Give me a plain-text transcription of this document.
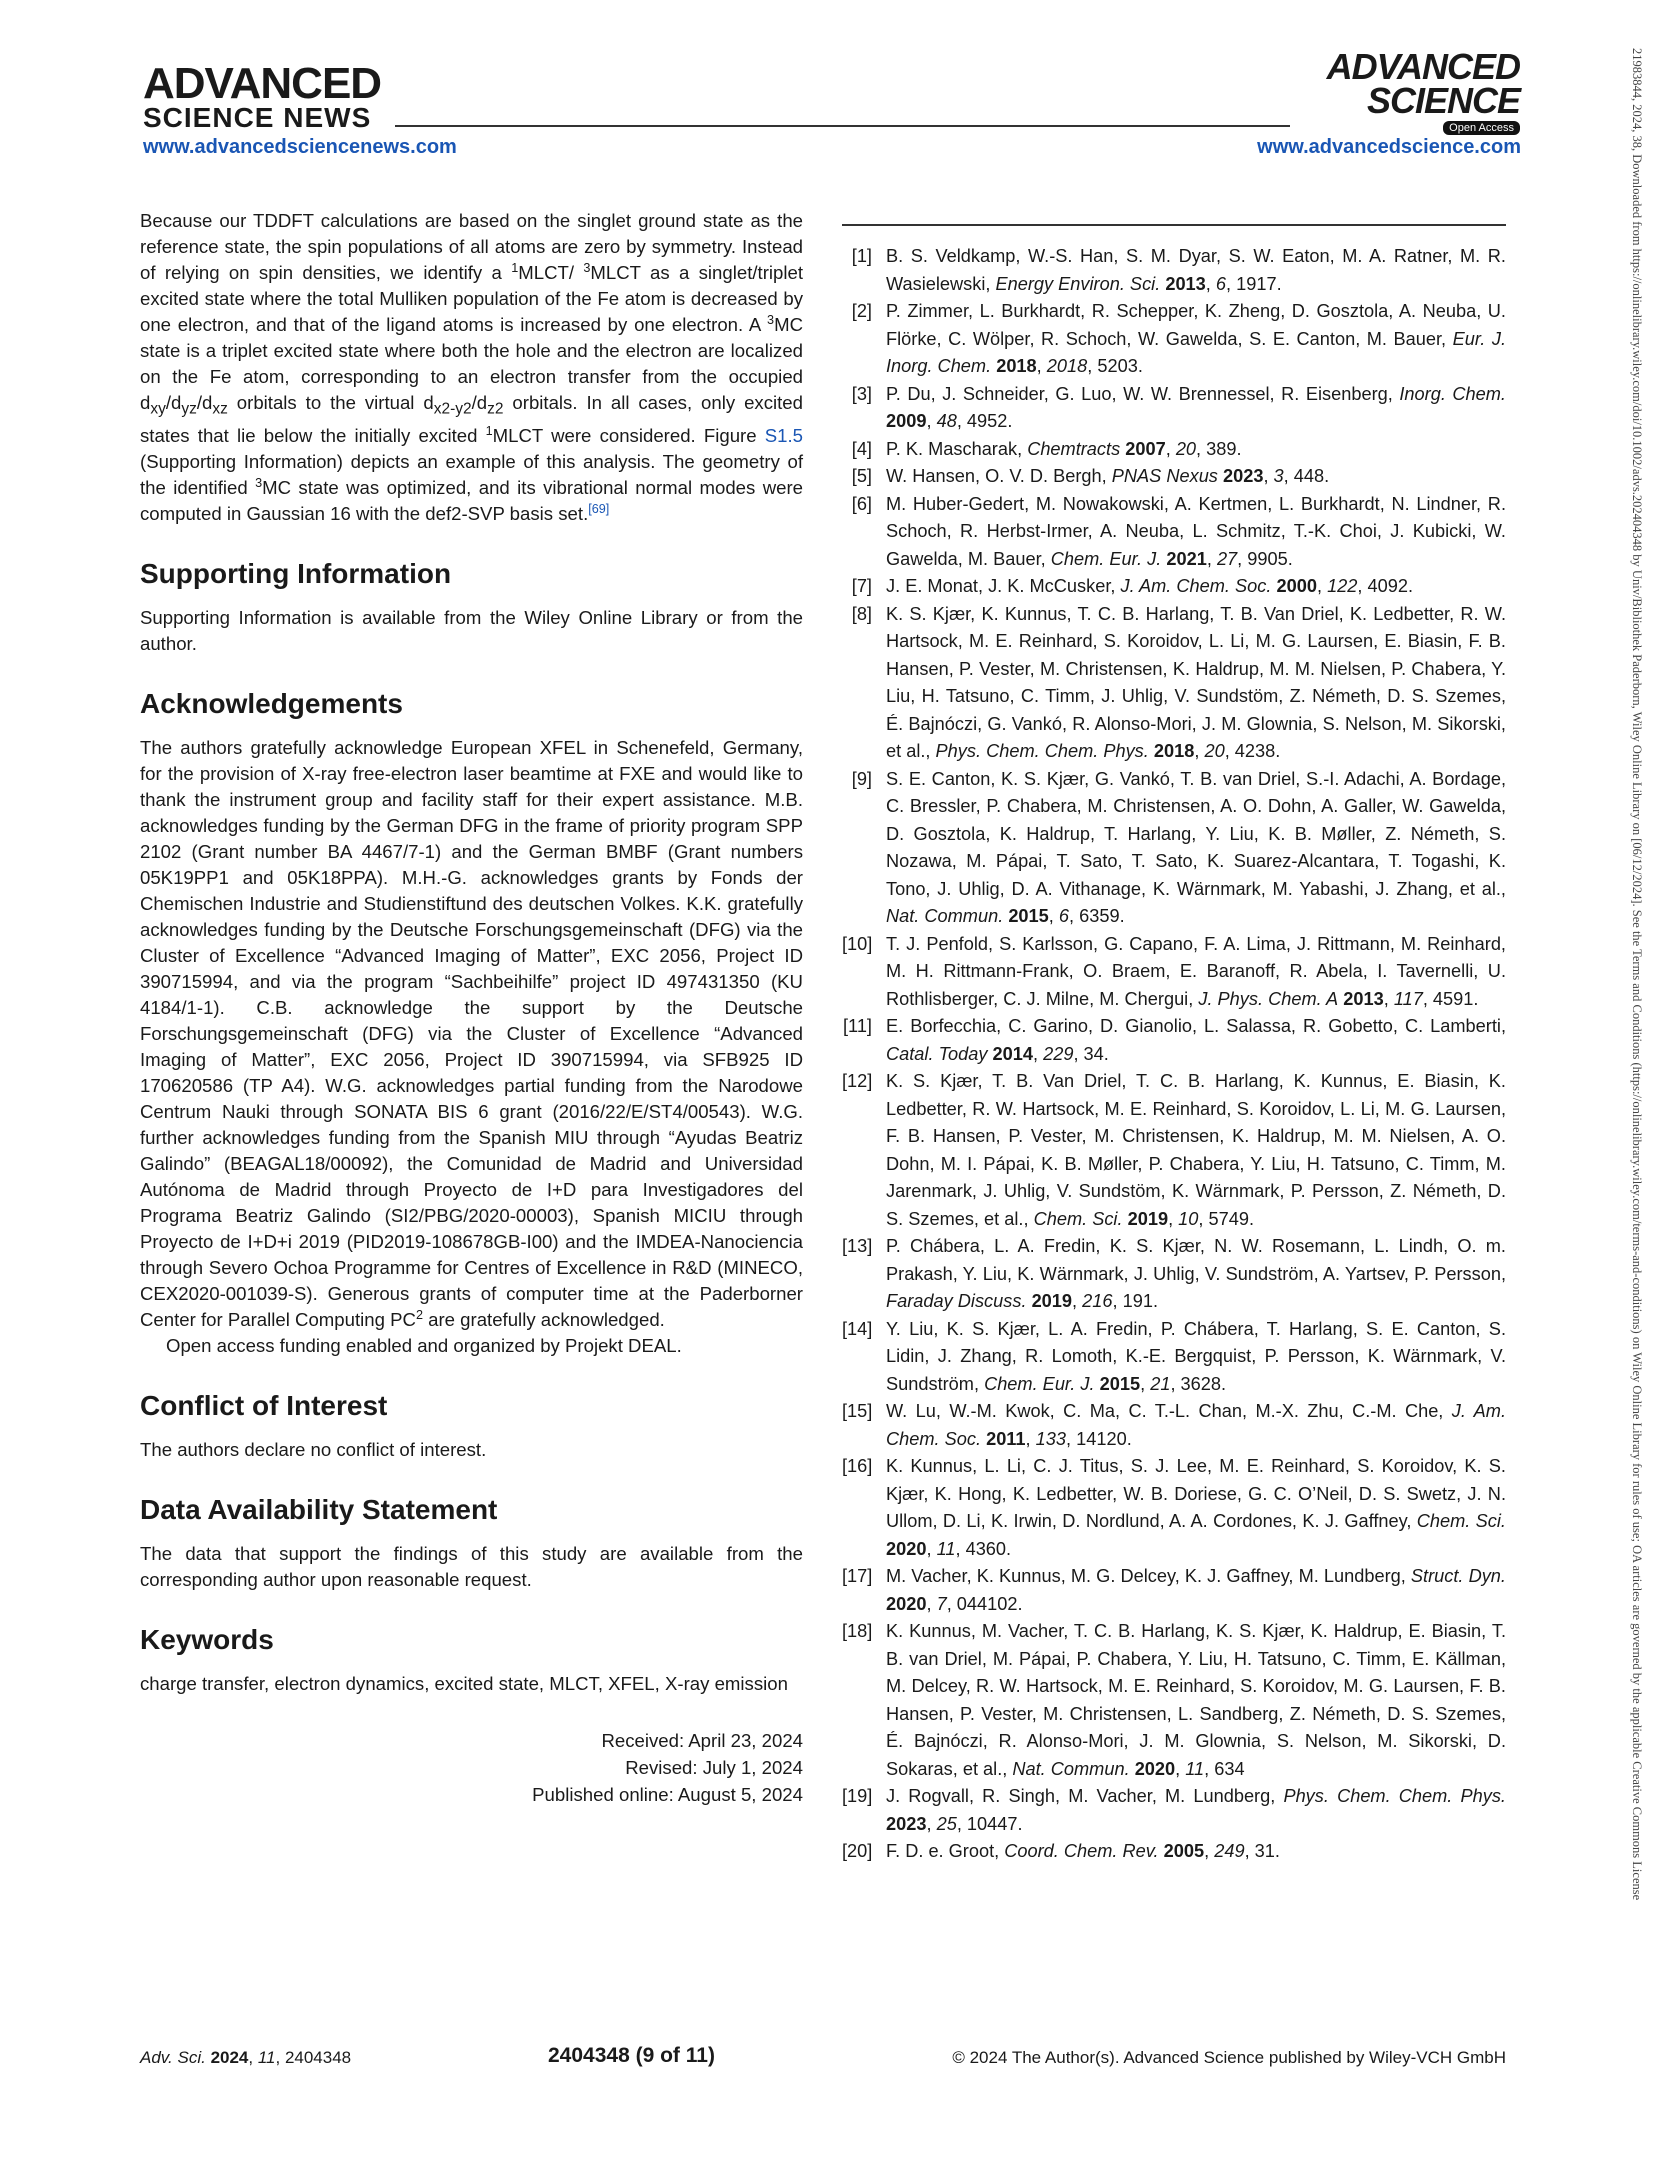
ADVANCED
SCIENCE NEWS
ADVANCED
SCIENCE
Open Access
www.advancedsciencenews.com	www.advancedscience.com	21983844, 2024, 38, Downloaded from https://onlinelibrary.wiley.com/doi/10.1002/advs.202404348 by Univ/Bibliothek Paderborn, Wiley Online Library on [06/12/2024]. See the Terms and Conditions (https://onlinelibrary.wiley.com/terms-and-conditions) on Wiley Online Library for rules of use; OA articles are governed by the applicable Creative Commons License

Because our TDDFT calculations are based on the singlet ground state as the reference state, the spin populations of all atoms are zero by symmetry. Instead of relying on spin densities, we identify a $^1$MLCT/ $^3$MLCT as a singlet/triplet excited state where the total Mulliken population of the Fe atom is decreased by one electron, and that of the ligand atoms is increased by one electron. A $^3$MC state is a triplet excited state where both the hole and the electron are localized on the Fe atom, corresponding to an electron transfer from the occupied $d_{xy}/d_{yz}/d_{xz}$ orbitals to the virtual $d_{x2-y2}/d_{z2}$ orbitals. In all cases, only excited states that lie below the initially excited $^1$MLCT were considered. Figure S1.5 (Supporting Information) depicts an example of this analysis. The geometry of the identified $^3$MC state was optimized, and its vibrational normal modes were computed in Gaussian 16 with the def2-SVP basis set.[69]

Supporting Information

Supporting Information is available from the Wiley Online Library or from the author.

Acknowledgements

The authors gratefully acknowledge European XFEL in Schenefeld, Germany, for the provision of X-ray free-electron laser beamtime at FXE and would like to thank the instrument group and facility staff for their expert assistance. M.B. acknowledges funding by the German DFG in the frame of priority program SPP 2102 (Grant number BA 4467/7-1) and the German BMBF (Grant numbers 05K19PP1 and 05K18PPA). M.H.-G. acknowledges grants by Fonds der Chemischen Industrie and Studienstiftund des deutschen Volkes. K.K. gratefully acknowledges funding by the Deutsche Forschungsgemeinschaft (DFG) via the Cluster of Excellence “Advanced Imaging of Matter”, EXC 2056, Project ID 390715994, and via the program “Sachbeihilfe” project ID 497431350 (KU 4184/1-1). C.B. acknowledge the support by the Deutsche Forschungsgemeinschaft (DFG) via the Cluster of Excellence “Advanced Imaging of Matter”, EXC 2056, Project ID 390715994, via SFB925 ID 170620586 (TP A4). W.G. acknowledges partial funding from the Narodowe Centrum Nauki through SONATA BIS 6 grant (2016/22/E/ST4/00543). W.G. further acknowledges funding from the Spanish MIU through “Ayudas Beatriz Galindo” (BEAGAL18/00092), the Comunidad de Madrid and Universidad Autónoma de Madrid through Proyecto de I+D para Investigadores del Programa Beatriz Galindo (SI2/PBG/2020-00003), Spanish MICIU through Proyecto de I+D+i 2019 (PID2019-108678GB-I00) and the IMDEA-Nanociencia through Severo Ochoa Programme for Centres of Excellence in R&D (MINECO, CEX2020-001039-S). Generous grants of computer time at the Paderborner Center for Parallel Computing $PC^2$ are gratefully acknowledged.

Open access funding enabled and organized by Projekt DEAL.

Conflict of Interest

The authors declare no conflict of interest.

Data Availability Statement

The data that support the findings of this study are available from the corresponding author upon reasonable request.

Keywords

charge transfer, electron dynamics, excited state, MLCT, XFEL, X-ray emission

Received: April 23, 2024
Revised: July 1, 2024
Published online: August 5, 2024
[1] B. S. Veldkamp, W.-S. Han, S. M. Dyar, S. W. Eaton, M. A. Ratner, M. R. Wasielewski, Energy Environ. Sci. 2013, 6, 1917.
[2] P. Zimmer, L. Burkhardt, R. Schepper, K. Zheng, D. Gosztola, A. Neuba, U. Flörke, C. Wölper, R. Schoch, W. Gawelda, S. E. Canton, M. Bauer, Eur. J. Inorg. Chem. 2018, 2018, 5203.
[3] P. Du, J. Schneider, G. Luo, W. W. Brennessel, R. Eisenberg, Inorg. Chem. 2009, 48, 4952.
[4] P. K. Mascharak, Chemtracts 2007, 20, 389.
[5] W. Hansen, O. V. D. Bergh, PNAS Nexus 2023, 3, 448.
[6] M. Huber-Gedert, M. Nowakowski, A. Kertmen, L. Burkhardt, N. Lindner, R. Schoch, R. Herbst-Irmer, A. Neuba, L. Schmitz, T.-K. Choi, J. Kubicki, W. Gawelda, M. Bauer, Chem. Eur. J. 2021, 27, 9905.
[7] J. E. Monat, J. K. McCusker, J. Am. Chem. Soc. 2000, 122, 4092.
[8] K. S. Kjær, K. Kunnus, T. C. B. Harlang, T. B. Van Driel, K. Ledbetter, R. W. Hartsock, M. E. Reinhard, S. Koroidov, L. Li, M. G. Laursen, E. Biasin, F. B. Hansen, P. Vester, M. Christensen, K. Haldrup, M. M. Nielsen, P. Chabera, Y. Liu, H. Tatsuno, C. Timm, J. Uhlig, V. Sundstöm, Z. Németh, D. S. Szemes, É. Bajnóczi, G. Vankó, R. Alonso-Mori, J. M. Glownia, S. Nelson, M. Sikorski, et al., Phys. Chem. Chem. Phys. 2018, 20, 4238.
[9] S. E. Canton, K. S. Kjær, G. Vankó, T. B. van Driel, S.-I. Adachi, A. Bordage, C. Bressler, P. Chabera, M. Christensen, A. O. Dohn, A. Galler, W. Gawelda, D. Gosztola, K. Haldrup, T. Harlang, Y. Liu, K. B. Møller, Z. Németh, S. Nozawa, M. Pápai, T. Sato, T. Sato, K. Suarez-Alcantara, T. Togashi, K. Tono, J. Uhlig, D. A. Vithanage, K. Wärnmark, M. Yabashi, J. Zhang, et al., Nat. Commun. 2015, 6, 6359.
[10] T. J. Penfold, S. Karlsson, G. Capano, F. A. Lima, J. Rittmann, M. Reinhard, M. H. Rittmann-Frank, O. Braem, E. Baranoff, R. Abela, I. Tavernelli, U. Rothlisberger, C. J. Milne, M. Chergui, J. Phys. Chem. A 2013, 117, 4591.
[11] E. Borfecchia, C. Garino, D. Gianolio, L. Salassa, R. Gobetto, C. Lamberti, Catal. Today 2014, 229, 34.
[12] K. S. Kjær, T. B. Van Driel, T. C. B. Harlang, K. Kunnus, E. Biasin, K. Ledbetter, R. W. Hartsock, M. E. Reinhard, S. Koroidov, L. Li, M. G. Laursen, F. B. Hansen, P. Vester, M. Christensen, K. Haldrup, M. M. Nielsen, A. O. Dohn, M. I. Pápai, K. B. Møller, P. Chabera, Y. Liu, H. Tatsuno, C. Timm, M. Jarenmark, J. Uhlig, V. Sundstöm, K. Wärnmark, P. Persson, Z. Németh, D. S. Szemes, et al., Chem. Sci. 2019, 10, 5749.
[13] P. Chábera, L. A. Fredin, K. S. Kjær, N. W. Rosemann, L. Lindh, O. m. Prakash, Y. Liu, K. Wärnmark, J. Uhlig, V. Sundström, A. Yartsev, P. Persson, Faraday Discuss. 2019, 216, 191.
[14] Y. Liu, K. S. Kjær, L. A. Fredin, P. Chábera, T. Harlang, S. E. Canton, S. Lidin, J. Zhang, R. Lomoth, K.-E. Bergquist, P. Persson, K. Wärnmark, V. Sundström, Chem. Eur. J. 2015, 21, 3628.
[15] W. Lu, W.-M. Kwok, C. Ma, C. T.-L. Chan, M.-X. Zhu, C.-M. Che, J. Am. Chem. Soc. 2011, 133, 14120.
[16] K. Kunnus, L. Li, C. J. Titus, S. J. Lee, M. E. Reinhard, S. Koroidov, K. S. Kjær, K. Hong, K. Ledbetter, W. B. Doriese, G. C. O’Neil, D. S. Swetz, J. N. Ullom, D. Li, K. Irwin, D. Nordlund, A. A. Cordones, K. J. Gaffney, Chem. Sci. 2020, 11, 4360.
[17] M. Vacher, K. Kunnus, M. G. Delcey, K. J. Gaffney, M. Lundberg, Struct. Dyn. 2020, 7, 044102.
[18] K. Kunnus, M. Vacher, T. C. B. Harlang, K. S. Kjær, K. Haldrup, E. Biasin, T. B. van Driel, M. Pápai, P. Chabera, Y. Liu, H. Tatsuno, C. Timm, E. Källman, M. Delcey, R. W. Hartsock, M. E. Reinhard, S. Koroidov, M. G. Laursen, F. B. Hansen, P. Vester, M. Christensen, L. Sandberg, Z. Németh, D. S. Szemes, É. Bajnóczi, R. Alonso-Mori, J. M. Glownia, S. Nelson, M. Sikorski, D. Sokaras, et al., Nat. Commun. 2020, 11, 634
[19] J. Rogvall, R. Singh, M. Vacher, M. Lundberg, Phys. Chem. Chem. Phys. 2023, 25, 10447.
[20] F. D. e. Groot, Coord. Chem. Rev. 2005, 249, 31.
Adv. Sci. 2024, 11, 2404348	2404348 (9 of 11)	© 2024 The Author(s). Advanced Science published by Wiley-VCH GmbH
